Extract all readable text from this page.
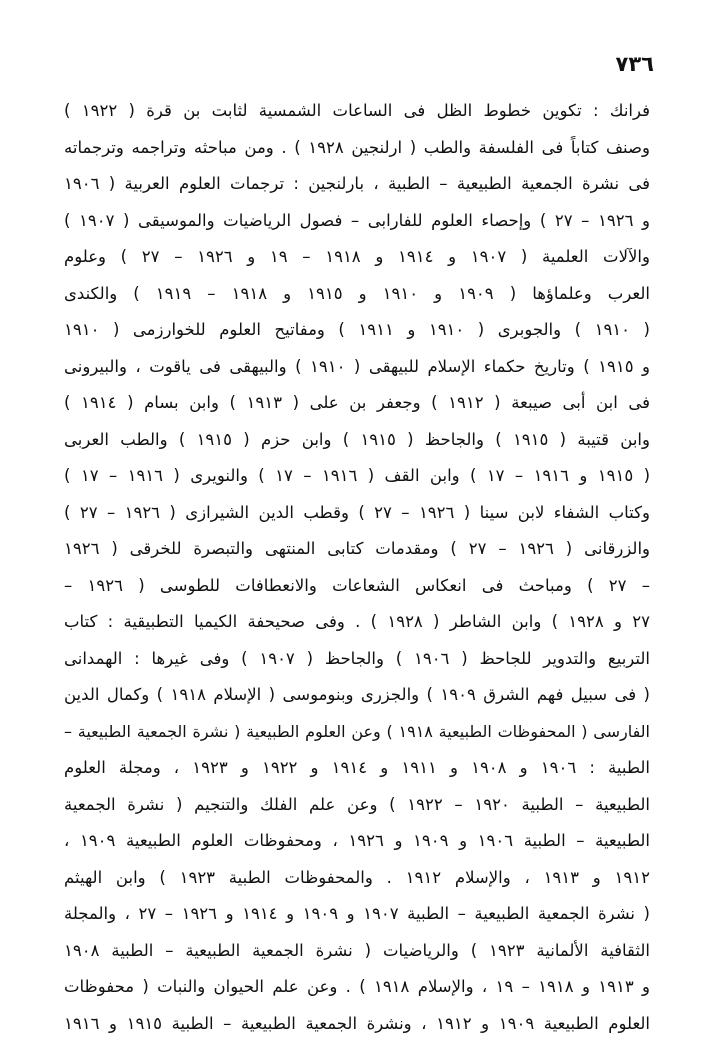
٧٣٦
فرانك : تكوين خطوط الظل فى الساعات الشمسية لثابت بن قرة ( ١٩٢٢ )
وصنف كتاباً فى الفلسفة والطب ( ارلنجين ١٩٢٨ ) . ومن مباحثه وتراجمه وترجماته
فى نشرة الجمعية الطبيعية – الطبية ، بارلنجين : ترجمات العلوم العربية ( ١٩٠٦
و ١٩٢٦ – ٢٧ ) وإحصاء العلوم للفارابى – فصول الرياضيات والموسيقى ( ١٩٠٧ )
والآلات العلمية ( ١٩٠٧ و ١٩١٤ و ١٩١٨ – ١٩ و ١٩٢٦ – ٢٧ ) وعلوم
العرب وعلماؤها ( ١٩٠٩ و ١٩١٠ و ١٩١٥ و ١٩١٨ – ١٩١٩ ) والكندى
( ١٩١٠ ) والجوبرى ( ١٩١٠ و ١٩١١ ) ومفاتيح العلوم للخوارزمى ( ١٩١٠
و ١٩١٥ ) وتاريخ حكماء الإسلام للبيهقى ( ١٩١٠ ) والبيهقى فى ياقوت ، والبيرونى
فى ابن أبى صيبعة ( ١٩١٢ ) وجعفر بن على ( ١٩١٣ ) وابن بسام ( ١٩١٤ )
وابن قتيبة ( ١٩١٥ ) والجاحظ ( ١٩١٥ ) وابن حزم ( ١٩١٥ ) والطب العربى
( ١٩١٥ و ١٩١٦ – ١٧ ) وابن القف ( ١٩١٦ – ١٧ ) والنويرى ( ١٩١٦ – ١٧ )
وكتاب الشفاء لابن سينا ( ١٩٢٦ – ٢٧ ) وقطب الدين الشيرازى ( ١٩٢٦ – ٢٧ )
والزرقانى ( ١٩٢٦ – ٢٧ ) ومقدمات كتابى المنتهى والتبصرة للخرقى ( ١٩٢٦
– ٢٧ ) ومباحث فى انعكاس الشعاعات والانعطافات للطوسى ( ١٩٢٦ –
٢٧ و ١٩٢٨ ) وابن الشاطر ( ١٩٢٨ ) . وفى صحيحفة الكيميا التطبيقية : كتاب
التربيع والتدوير للجاحظ ( ١٩٠٦ ) والجاحظ ( ١٩٠٧ ) وفى غيرها : الهمدانى
( فى سبيل فهم الشرق ١٩٠٩ ) والجزرى وبنوموسى ( الإسلام ١٩١٨ ) وكمال الدين
الفارسى ( المحفوظات الطبيعية ١٩١٨ ) وعن العلوم الطبيعية ( نشرة الجمعية الطبيعية –
الطبية : ١٩٠٦ و ١٩٠٨ و ١٩١١ و ١٩١٤ و ١٩٢٢ و ١٩٢٣ ، ومجلة العلوم
الطبيعية – الطبية ١٩٢٠ – ١٩٢٢ ) وعن علم الفلك والتنجيم ( نشرة الجمعية
الطبيعية – الطبية ١٩٠٦ و ١٩٠٩ و ١٩٢٦ ، ومحفوظات العلوم الطبيعية ١٩٠٩ ،
١٩١٢ و ١٩١٣ ، والإسلام ١٩١٢ . والمحفوظات الطبية ١٩٢٣ ) وابن الهيثم
( نشرة الجمعية الطبيعية – الطبية ١٩٠٧ و ١٩٠٩ و ١٩١٤ و ١٩٢٦ – ٢٧ ، والمجلة
الثقافية الألمانية ١٩٢٣ ) والرياضيات ( نشرة الجمعية الطبيعية – الطبية ١٩٠٨
و ١٩١٣ و ١٩١٨ – ١٩ ، والإسلام ١٩١٨ ) . وعن علم الحيوان والنبات ( محفوظات
العلوم الطبيعية ١٩٠٩ و ١٩١٢ ، ونشرة الجمعية الطبيعية – الطبية ١٩١٥ و ١٩١٦
